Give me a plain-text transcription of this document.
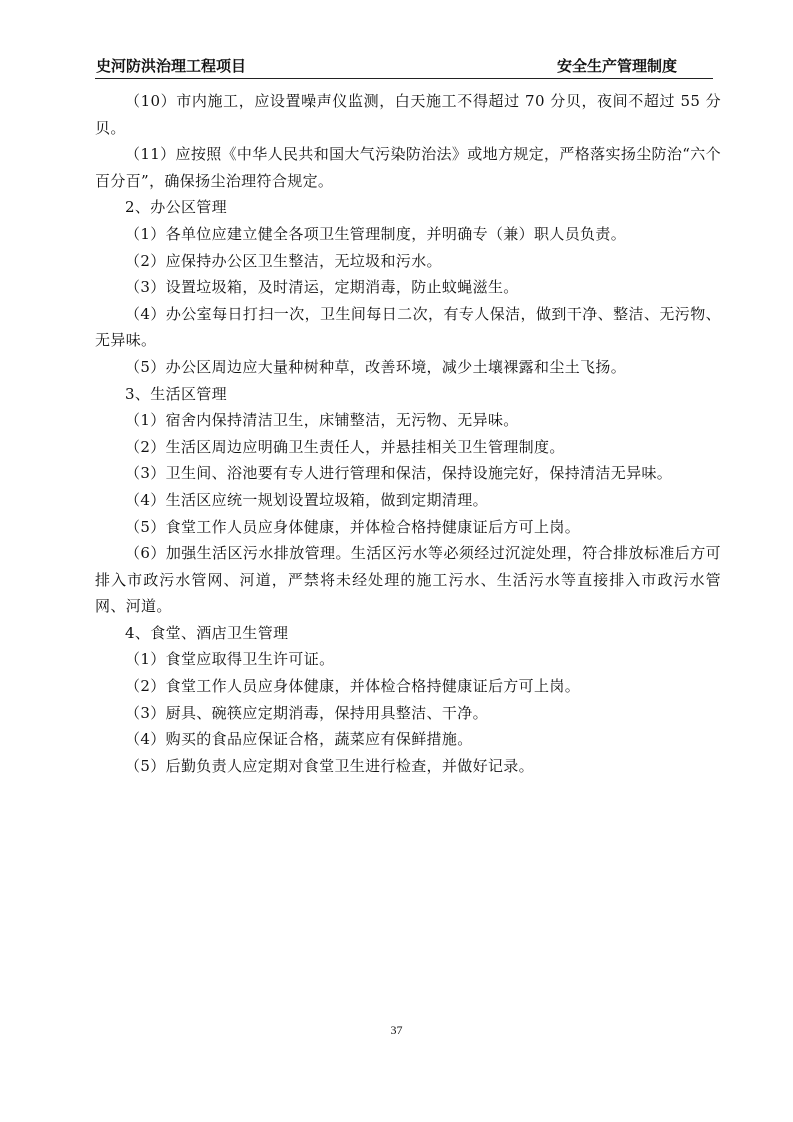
史河防洪治理工程项目	安全生产管理制度

（10）市内施工，应设置噪声仪监测，白天施工不得超过 70 分贝，夜间不超过 55 分贝。

（11）应按照《中华人民共和国大气污染防治法》或地方规定，严格落实扬尘防治“六个百分百”，确保扬尘治理符合规定。

2、办公区管理

（1）各单位应建立健全各项卫生管理制度，并明确专（兼）职人员负责。

（2）应保持办公区卫生整洁，无垃圾和污水。

（3）设置垃圾箱，及时清运，定期消毒，防止蚊蝇滋生。

（4）办公室每日打扫一次，卫生间每日二次，有专人保洁，做到干净、整洁、无污物、无异味。

（5）办公区周边应大量种树种草，改善环境，减少土壤裸露和尘土飞扬。

3、生活区管理

（1）宿舍内保持清洁卫生，床铺整洁，无污物、无异味。

（2）生活区周边应明确卫生责任人，并悬挂相关卫生管理制度。

（3）卫生间、浴池要有专人进行管理和保洁，保持设施完好，保持清洁无异味。

（4）生活区应统一规划设置垃圾箱，做到定期清理。

（5）食堂工作人员应身体健康，并体检合格持健康证后方可上岗。

（6）加强生活区污水排放管理。生活区污水等必须经过沉淀处理，符合排放标准后方可排入市政污水管网、河道，严禁将未经处理的施工污水、生活污水等直接排入市政污水管网、河道。

4、食堂、酒店卫生管理

（1）食堂应取得卫生许可证。

（2）食堂工作人员应身体健康，并体检合格持健康证后方可上岗。

（3）厨具、碗筷应定期消毒，保持用具整洁、干净。

（4）购买的食品应保证合格，蔬菜应有保鲜措施。

（5）后勤负责人应定期对食堂卫生进行检查，并做好记录。

37
